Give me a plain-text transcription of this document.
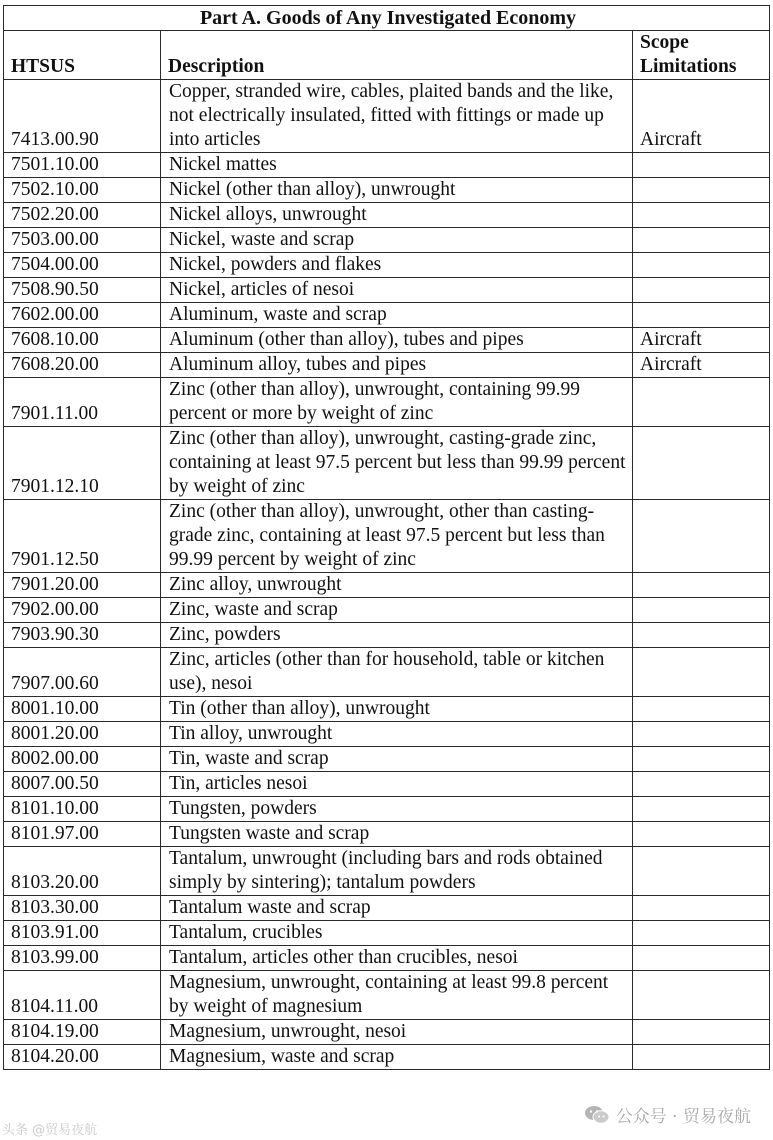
Part A. Goods of Any Investigated Economy		
HTSUS	Description	Scope Limitations
7413.00.90	Copper, stranded wire, cables, plaited bands and the like, not electrically insulated, fitted with fittings or made up into articles	Aircraft
7501.10.00	Nickel mattes	
7502.10.00	Nickel (other than alloy), unwrought	
7502.20.00	Nickel alloys, unwrought	
7503.00.00	Nickel, waste and scrap	
7504.00.00	Nickel, powders and flakes	
7508.90.50	Nickel, articles of nesoi	
7602.00.00	Aluminum, waste and scrap	
7608.10.00	Aluminum (other than alloy), tubes and pipes	Aircraft
7608.20.00	Aluminum alloy, tubes and pipes	Aircraft
7901.11.00	Zinc (other than alloy), unwrought, containing 99.99 percent or more by weight of zinc	
7901.12.10	Zinc (other than alloy), unwrought, casting-grade zinc, containing at least 97.5 percent but less than 99.99 percent by weight of zinc	
7901.12.50	Zinc (other than alloy), unwrought, other than casting-grade zinc, containing at least 97.5 percent but less than 99.99 percent by weight of zinc	
7901.20.00	Zinc alloy, unwrought	
7902.00.00	Zinc, waste and scrap	
7903.90.30	Zinc, powders	
7907.00.60	Zinc, articles (other than for household, table or kitchen use), nesoi	
8001.10.00	Tin (other than alloy), unwrought	
8001.20.00	Tin alloy, unwrought	
8002.00.00	Tin, waste and scrap	
8007.00.50	Tin, articles nesoi	
8101.10.00	Tungsten, powders	
8101.97.00	Tungsten waste and scrap	
8103.20.00	Tantalum, unwrought (including bars and rods obtained simply by sintering); tantalum powders	
8103.30.00	Tantalum waste and scrap	
8103.91.00	Tantalum, crucibles	
8103.99.00	Tantalum, articles other than crucibles, nesoi	
8104.11.00	Magnesium, unwrought, containing at least 99.8 percent by weight of magnesium	
8104.19.00	Magnesium, unwrought, nesoi	
8104.20.00	Magnesium, waste and scrap	
公众号 · 贸易夜航
头条 @贸易夜航
